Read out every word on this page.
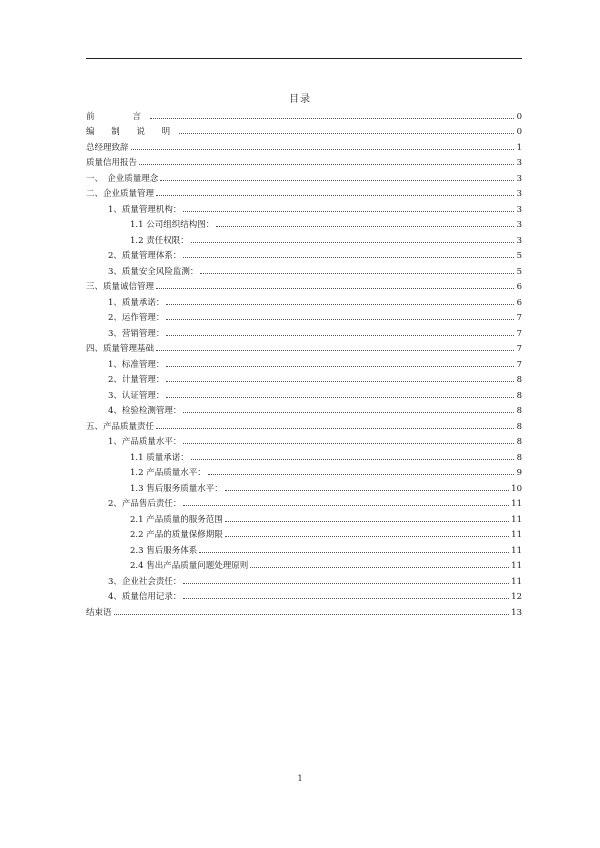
目录
前　　言	0
编 制 说 明	0
总经理致辞	1
质量信用报告	3
一、　企业质量理念	3
二、企业质量管理	3
1、质量管理机构：	3
1.1 公司组织结构图：	3
1.2 责任权限：	3
2、质量管理体系：	5
3、质量安全风险监测：	5
三、质量诚信管理	6
1、质量承诺：	6
2、运作管理：	7
3、营销管理：	7
四、质量管理基础	7
1、标准管理：	7
2、计量管理：	8
3、认证管理：	8
4、检验检测管理：	8
五、产品质量责任	8
1、产品质量水平：	8
1.1 质量承诺：	8
1.2 产品质量水平：	9
1.3 售后服务质量水平：	10
2、产品售后责任：	11
2.1 产品质量的服务范围	11
2.2 产品的质量保修期限	11
2.3 售后服务体系	11
2.4 售出产品质量问题处理原则	11
3、企业社会责任：	11
4、质量信用记录：	12
结束语	13
1
